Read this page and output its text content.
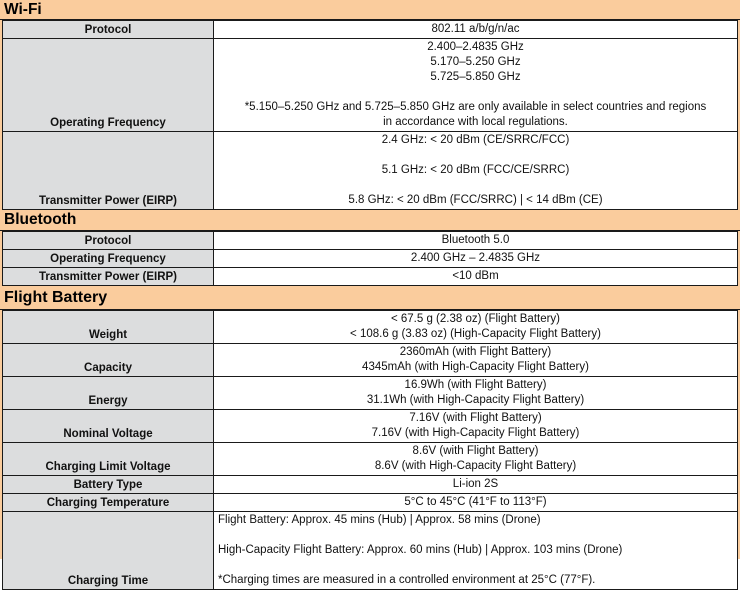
Wi-Fi
Protocol	802.11 a/b/g/n/ac

Operating Frequency	2.400–2.4835 GHz
5.170–5.250 GHz
5.725–5.850 GHz
*5.150–5.250 GHz and 5.725–5.850 GHz are only available in select countries and regions
in accordance with local regulations.

Transmitter Power (EIRP)	2.4 GHz: < 20 dBm (CE/SRRC/FCC)
5.1 GHz: < 20 dBm (FCC/CE/SRRC)
5.8 GHz: < 20 dBm (FCC/SRRC) | < 14 dBm (CE)
Bluetooth
Protocol	Bluetooth 5.0

Operating Frequency	2.400 GHz – 2.4835 GHz

Transmitter Power (EIRP)	<10 dBm
Flight Battery
Weight	< 67.5 g (2.38 oz) (Flight Battery)
< 108.6 g (3.83 oz) (High-Capacity Flight Battery)

Capacity	2360mAh (with Flight Battery)
4345mAh (with High-Capacity Flight Battery)

Energy	16.9Wh (with Flight Battery)
31.1Wh (with High-Capacity Flight Battery)

Nominal Voltage	7.16V (with Flight Battery)
7.16V (with High-Capacity Flight Battery)

Charging Limit Voltage	8.6V (with Flight Battery)
8.6V (with High-Capacity Flight Battery)

Battery Type	Li-ion 2S

Charging Temperature	5°C to 45°C (41°F to 113°F)

Charging Time	Flight Battery: Approx. 45 mins (Hub) | Approx. 58 mins (Drone)
High-Capacity Flight Battery: Approx. 60 mins (Hub) | Approx. 103 mins (Drone)
*Charging times are measured in a controlled environment at 25°C (77°F).
